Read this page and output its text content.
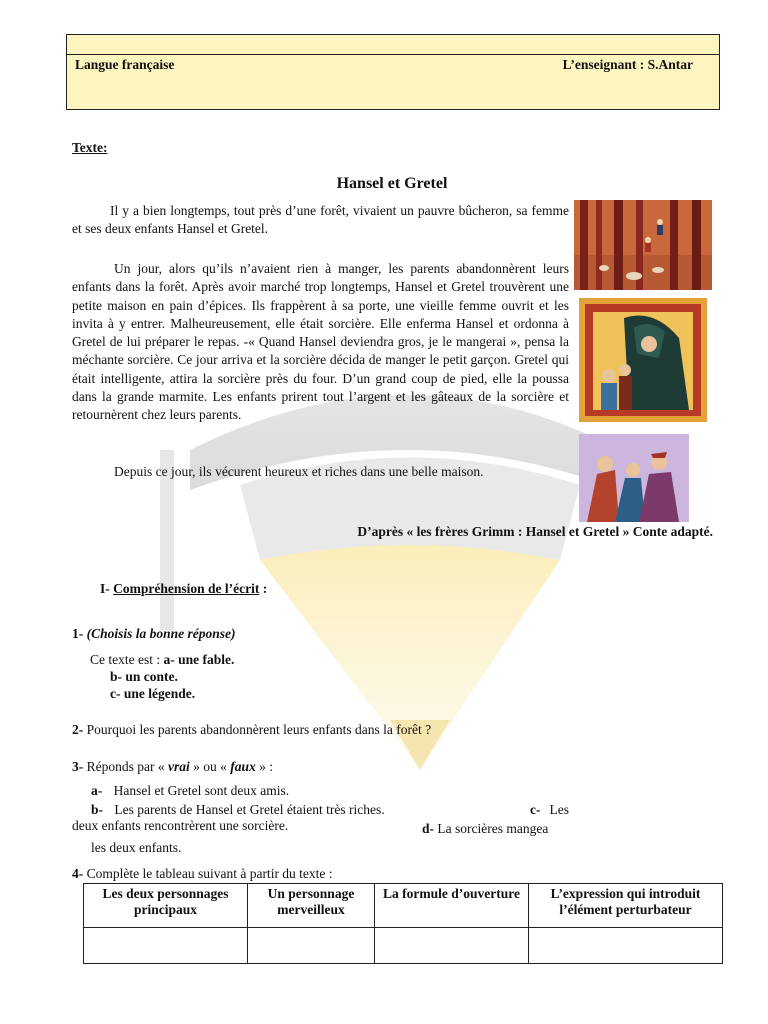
Langue française	L’enseignant : S.Antar
Texte:
Hansel et Gretel
Il y a bien longtemps, tout près d’une forêt, vivaient un pauvre bûcheron, sa femme et ses deux enfants Hansel et Gretel.
Un jour, alors qu’ils n’avaient rien à manger, les parents abandonnèrent leurs enfants dans la forêt. Après avoir marché trop longtemps, Hansel et Gretel trouvèrent une petite maison en pain d’épices. Ils frappèrent à sa porte, une vieille femme ouvrit et les invita à y entrer. Malheureusement, elle était sorcière. Elle enferma Hansel et ordonna à Gretel de lui préparer le repas. -« Quand Hansel deviendra gros, je le mangerai », pensa la méchante sorcière. Ce jour arriva et la sorcière décida de manger le petit garçon. Gretel qui était intelligente, attira la sorcière près du four. D’un grand coup de pied, elle la poussa dans la grande marmite. Les enfants prirent tout l’argent et les gâteaux de la sorcière et retournèrent chez leurs parents.
Depuis ce jour, ils vécurent heureux et riches dans une belle maison.
D’après « les frères Grimm : Hansel et Gretel » Conte adapté.
I- Compréhension de l’écrit :
1- (Choisis la bonne réponse)
Ce texte est : a- une fable.
b- un conte.
c- une légende.
2- Pourquoi les parents abandonnèrent leurs enfants dans la forêt ?
3- Réponds par « vrai » ou « faux » :
a- Hansel et Gretel sont deux amis.
b- Les parents de Hansel et Gretel étaient très riches.	c- Les
deux enfants rencontrèrent une sorcière.	d- La sorcières mangea
les deux enfants.
4- Complète le tableau suivant à partir du texte :
Les deux personnages principaux	Un personnage merveilleux	La formule d’ouverture	L’expression qui introduit l’élément perturbateur
